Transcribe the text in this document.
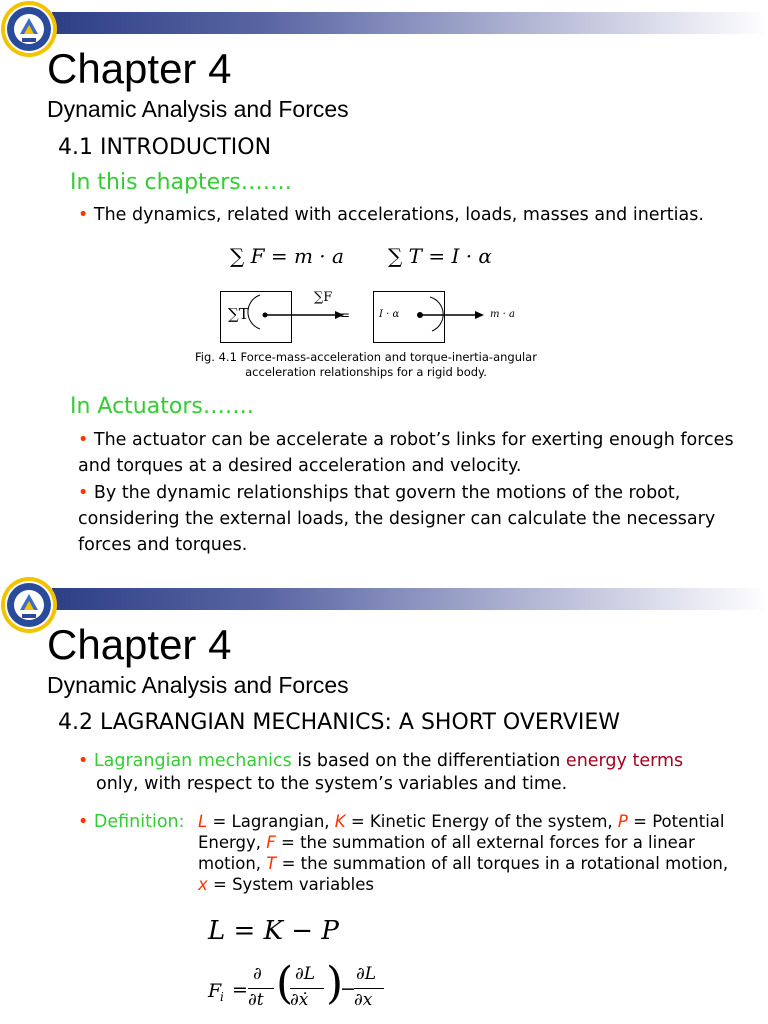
Chapter 4
Dynamic Analysis and Forces
4.1 INTRODUCTION
In this chapters…….
• The dynamics, related with accelerations, loads, masses and inertias.
∑ F = m · a ∑ T = I · α
∑T
∑F
=	I · α	m · a
Fig. 4.1 Force-mass-acceleration and torque-inertia-angular acceleration relationships for a rigid body.
In Actuators…….
• The actuator can be accelerate a robot’s links for exerting enough forces and torques at a desired acceleration and velocity.
• By the dynamic relationships that govern the motions of the robot, considering the external loads, the designer can calculate the necessary forces and torques.
Chapter 4
Dynamic Analysis and Forces
4.2 LAGRANGIAN MECHANICS: A SHORT OVERVIEW
• Lagrangian mechanics is based on the differentiation energy terms
only, with respect to the system’s variables and time.
• Definition: L = Lagrangian, K = Kinetic Energy of the system, P = Potential Energy, F = the summation of all external forces for a linear motion, T = the summation of all torques in a rotational motion,
x = System variables
L = K − P
F
i =
∂
∂t ( ∂L
∂ẋ )
−
∂L
∂x
